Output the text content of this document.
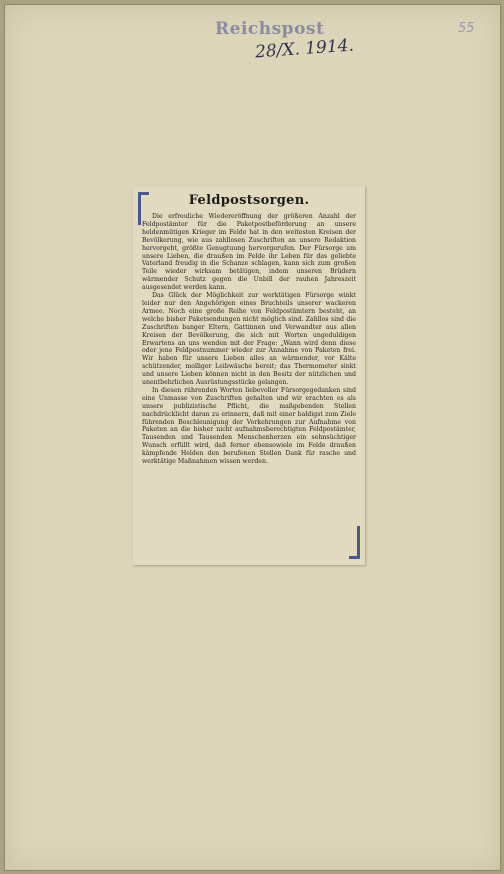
Reichspost
28/X. 1914.
55
Feldpostsorgen.

Die erfreuliche Wiedereröffnung der größeren Anzahl der Feldpostämter für die Paketpostbeförderung an unsere heldenmütigen Krieger im Felde hat in den weitesten Kreisen der Bevölkerung, wie aus zahllosen Zuschriften an unsere Redaktion hervorgeht, größte Genugtuung hervorgerufen. Der Fürsorge um unsere Lieben, die draußen im Felde ihr Leben für das geliebte Vaterland freudig in die Schanze schlagen, kann sich zum großen Teile wieder wirksam betätigen, indem unseren Brüdern wärmender Schutz gegen die Unbill der rauhen Jahreszeit ausgesendet werden kann.

Das Glück der Möglichkeit zur werktätigen Fürsorge winkt leider nur den Angehörigen eines Bruchteils unserer wackeren Armee. Noch eine große Reihe von Feldpostämtern besteht, an welche bisher Paketsendungen nicht möglich sind. Zahllos sind die Zuschriften banger Eltern, Gattinnen und Verwandter aus allen Kreisen der Bevölkerung, die sich mit Worten ungeduldigen Erwartens an uns wenden mit der Frage: „Wann wird denn diese oder jene Feldpostnummer wieder zur Annahme von Paketen frei. Wir haben für unsere Lieben alles an wärmender, vor Kälte schützender, molliger Leibwäsche bereit; das Thermometer sinkt und unsere Lieben können nicht in den Besitz der nützlichen und unentbehrlichen Ausrüstungsstücke gelangen.

In diesen rührenden Worten liebevoller Fürsorgegedanken sind eine Unmasse von Zuschriften gehalten und wir erachten es als unsere publizistische Pflicht, die maßgebenden Stellen nachdrücklicht daran zu erinnern, daß mit einer baldigst zum Ziele führenden Beschleunigung der Vorkehrungen zur Aufnahme von Paketen an die bisher nicht aufnahmsberechtigten Feldpostämter, Tausenden und Tausenden Menschenherzen ein sehnsüchtiger Wunsch erfüllt wird, daß ferner ebensowiele im Felde draußen kämpfende Helden den berufenen Stellen Dank für rasche und werktätige Maßnahmen wissen werden.
